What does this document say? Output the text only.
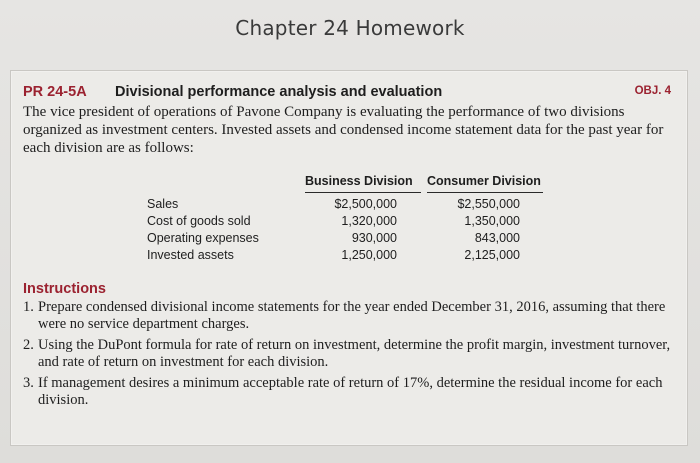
Chapter 24 Homework
PR 24-5A Divisional performance analysis and evaluation	OBJ. 4

The vice president of operations of Pavone Company is evaluating the performance of two divisions organized as investment centers. Invested assets and condensed income statement data for the past year for each division are as follows:

Business Division Consumer Division
Sales	$2,500,000	$2,550,000
Cost of goods sold	1,320,000	1,350,000
Operating expenses	930,000	843,000
Invested assets	1,250,000	2,125,000
Instructions
1. Prepare condensed divisional income statements for the year ended December 31, 2016, assuming that there were no service department charges.
2. Using the DuPont formula for rate of return on investment, determine the profit margin, investment turnover, and rate of return on investment for each division.
3. If management desires a minimum acceptable rate of return of 17%, determine the residual income for each division.
